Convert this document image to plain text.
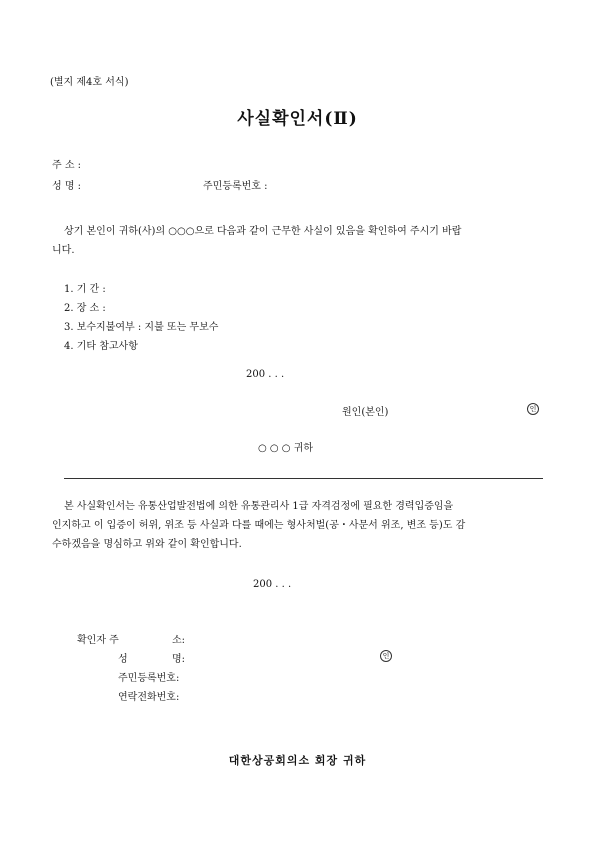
(별지 제4호 서식)
사실확인서(Ⅱ)
주 소 :
성 명 :	주민등록번호 :
상기 본인이 귀하(사)의 ○○○으로 다음과 같이 근무한 사실이 있음을 확인하여 주시기 바랍
니다.
1. 기 간 :
2. 장 소 :
3. 보수지불여부 : 지불 또는 무보수
4. 기타 참고사항
200 . . .
원인(본인)	인
○ ○ ○ 귀하
본 사실확인서는 유통산업발전법에 의한 유통관리사 1급 자격검정에 필요한 경력입증임을
인지하고 이 입증이 허위, 위조 등 사실과 다를 때에는 형사처벌(공・사문서 위조, 변조 등)도 감
수하겠음을 명심하고 위와 같이 확인합니다.
200 . . .
확인자 주	소:
성	명:	인
주민등록번호:
연락전화번호:
대한상공회의소 회장 귀하
